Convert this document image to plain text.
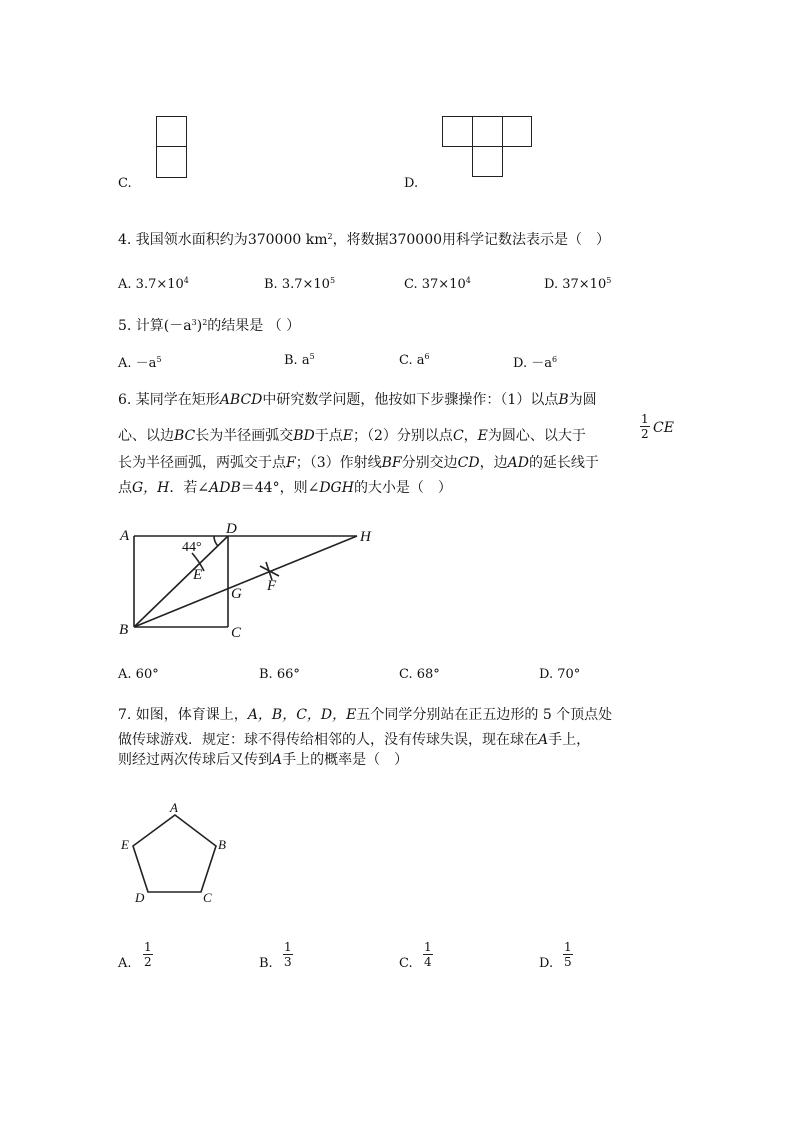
C.	D.
4. 我国领水面积约为370000 $km^2$，将数据370000用科学记数法表示是（　）
A. $3.7\times 10^4$	B. $3.7\times 10^5$	C. $37\times 10^4$	D. $37\times 10^5$
5. 计算$(-a^3)^2$的结果是 （ ）
A. $-a^5$	B. $a^5$	C. $a^6$	D. $-a^6$
6. 某同学在矩形ABCD中研究数学问题，他按如下步骤操作：（1）以点B为圆
心、以边BC长为半径画弧交BD于点E；（2）分别以点C，E为圆心、以大于
1
2 CE
长为半径画弧，两弧交于点F；（3）作射线BF分别交边CD，边AD的延长线于
点G，H．若∠ADB＝44°，则∠DGH的大小是（　）
A	D	H
E
F
G
B	C
44°
A. 60°	B. 66°	C. 68°	D. 70°
7. 如图，体育课上，A，B，C，D，E五个同学分别站在正五边形的 5 个顶点处
做传球游戏．规定：球不得传给相邻的人，没有传球失误，现在球在A手上，
则经过两次传球后又传到A手上的概率是（　）
A
B
C
D
E
A.
1
2	B.
1
3	C.
1
4	D.
1
5
